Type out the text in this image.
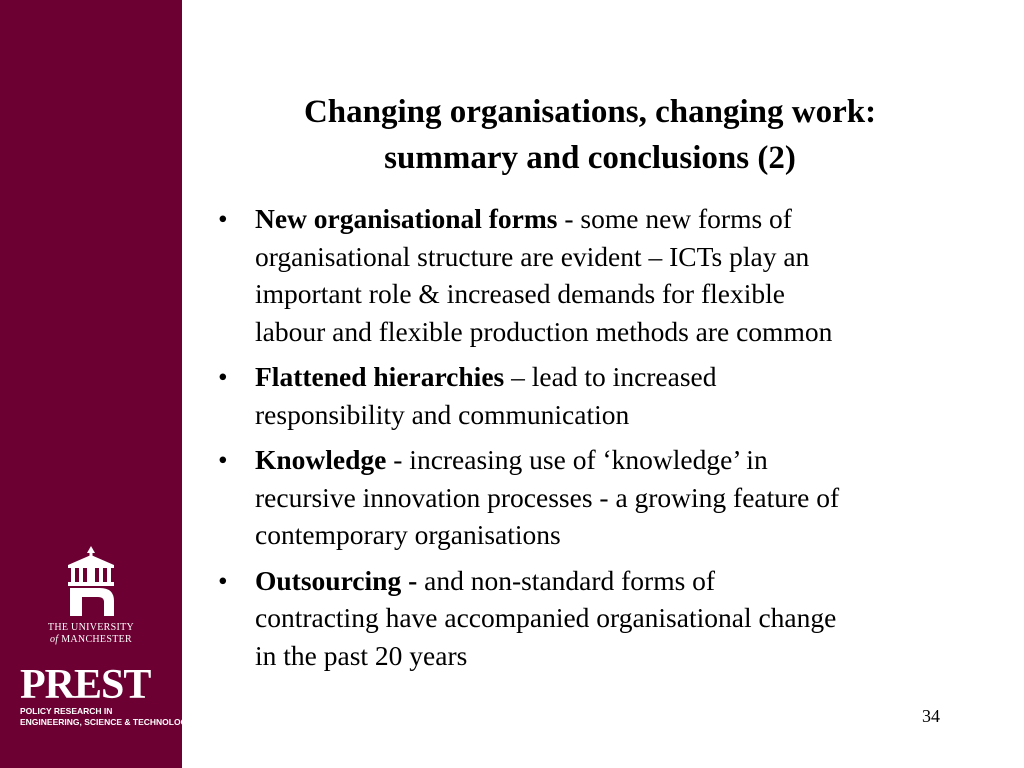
THE UNIVERSITY
of MANCHESTER
PREST
POLICY RESEARCH IN
ENGINEERING, SCIENCE & TECHNOLOGY
Changing organisations, changing work:
summary and conclusions (2)
• New organisational forms - some new forms of
organisational structure are evident – ICTs play an
important role & increased demands for flexible
labour and flexible production methods are common
• Flattened hierarchies – lead to increased
responsibility and communication
• Knowledge - increasing use of ‘knowledge’ in
recursive innovation processes - a growing feature of
contemporary organisations
• Outsourcing - and non-standard forms of
contracting have accompanied organisational change
in the past 20 years
34
